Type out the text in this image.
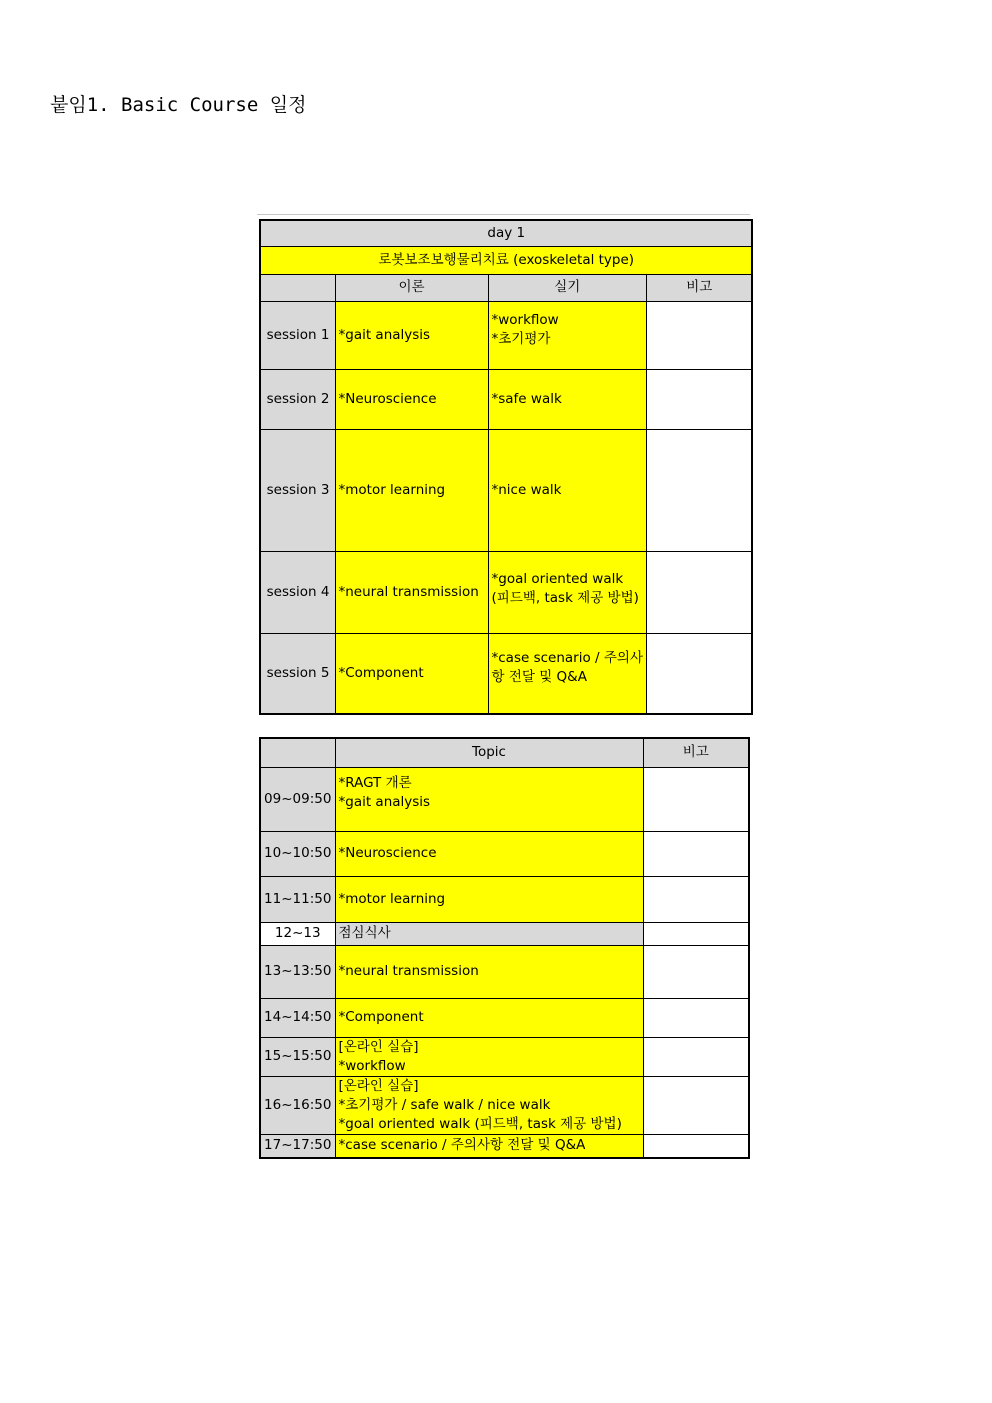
붙임1. Basic Course 일정
day 1			
로봇보조보행물리치료 (exoskeletal type)			
	이론	실기	비고
session 1	*gait analysis	*workflow
*초기평가	

session 2	*Neuroscience	*safe walk	
session 3	*motor learning	*nice walk	
session 4	*neural transmission	*goal oriented walk
(피드백, task 제공 방법)	

session 5	*Component	*case scenario / 주의사
항 전달 및 Q&A	

	Topic	비고
09~09:50	*RAGT 개론
*gait analysis	

10~10:50	*Neuroscience	
11~11:50	*motor learning	
12~13	점심식사	
13~13:50	*neural transmission	
14~14:50	*Component	
15~15:50	[온라인 실습]
*workflow	

16~16:50	[온라인 실습]
*초기평가 / safe walk / nice walk
*goal oriented walk (피드백, task 제공 방법)	

17~17:50	*case scenario / 주의사항 전달 및 Q&A	
